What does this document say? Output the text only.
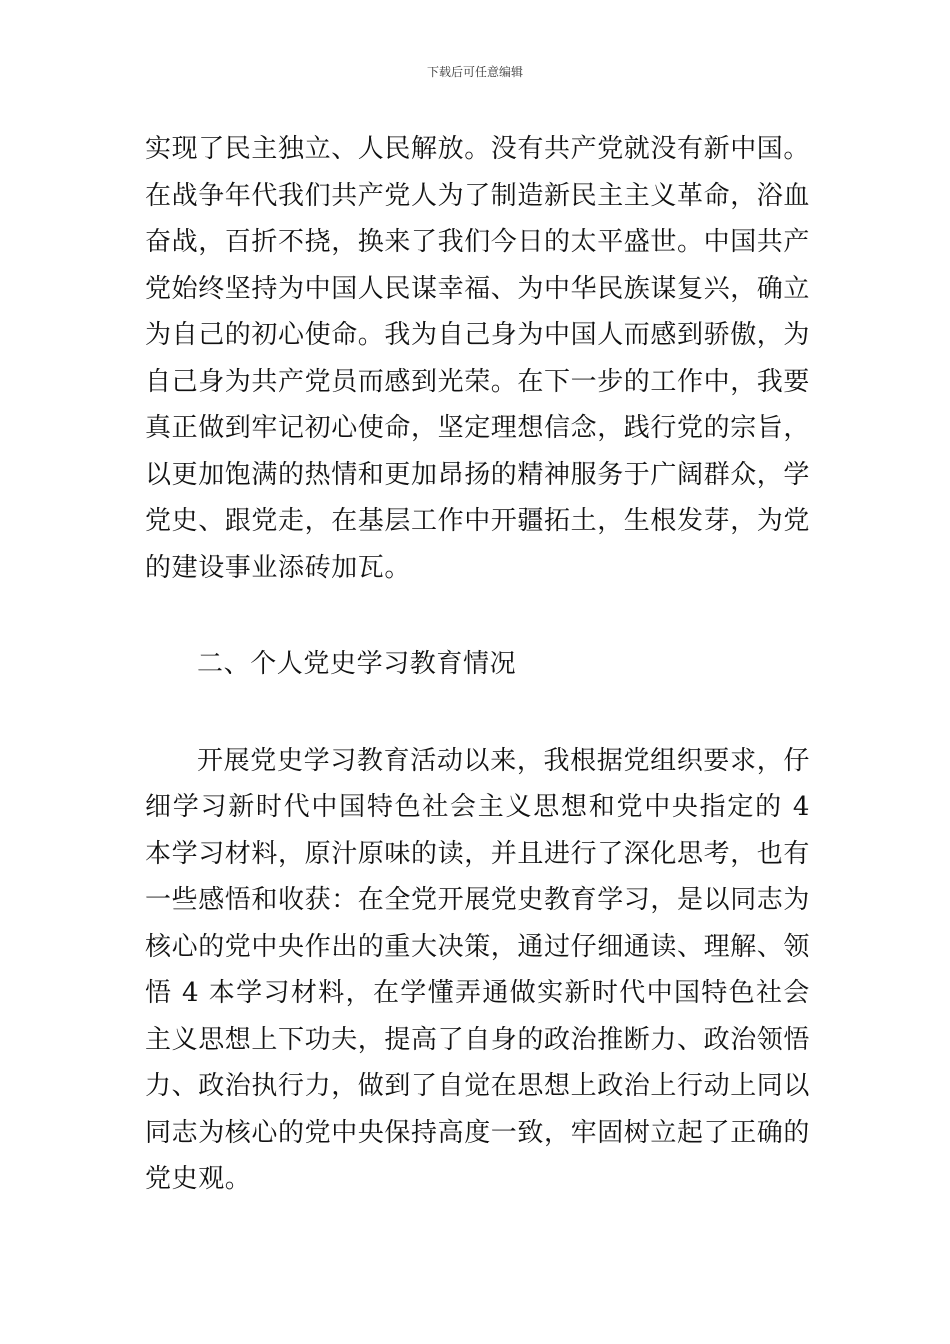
下载后可任意编辑

实现了民主独立、人民解放。没有共产党就没有新中国。在战争年代我们共产党人为了制造新民主主义革命，浴血奋战，百折不挠，换来了我们今日的太平盛世。中国共产党始终坚持为中国人民谋幸福、为中华民族谋复兴，确立为自己的初心使命。我为自己身为中国人而感到骄傲，为自己身为共产党员而感到光荣。在下一步的工作中，我要真正做到牢记初心使命，坚定理想信念，践行党的宗旨，以更加饱满的热情和更加昂扬的精神服务于广阔群众，学党史、跟党走，在基层工作中开疆拓土，生根发芽，为党的建设事业添砖加瓦。

二、个人党史学习教育情况

开展党史学习教育活动以来，我根据党组织要求，仔细学习新时代中国特色社会主义思想和党中央指定的 4 本学习材料，原汁原味的读，并且进行了深化思考，也有一些感悟和收获：在全党开展党史教育学习，是以同志为核心的党中央作出的重大决策，通过仔细通读、理解、领悟 4 本学习材料，在学懂弄通做实新时代中国特色社会主义思想上下功夫，提高了自身的政治推断力、政治领悟力、政治执行力，做到了自觉在思想上政治上行动上同以同志为核心的党中央保持高度一致，牢固树立起了正确的党史观。
